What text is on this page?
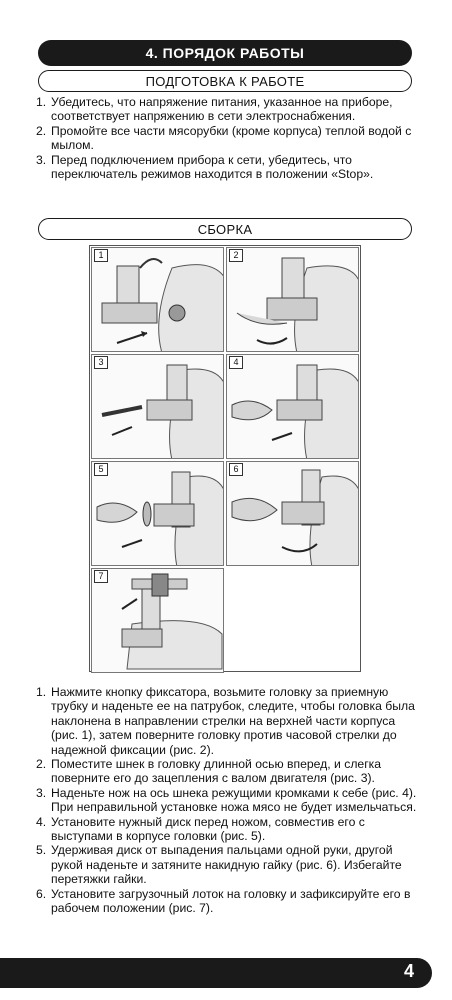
4. ПОРЯДОК РАБОТЫ
ПОДГОТОВКА К РАБОТЕ
1. Убедитесь, что напряжение питания, указанное на приборе, соответствует напряжению в сети электроснабжения.
2. Промойте все части мясорубки (кроме корпуса) теплой водой с мылом.
3. Перед подключением прибора к сети, убедитесь, что переключатель режимов находится в положении «Stop».
СБОРКА
1	2
3	4
5	6
7
1. Нажмите кнопку фиксатора, возьмите головку за приемную трубку и наденьте ее на патрубок, следите, чтобы головка была наклонена в направлении стрелки на верхней части корпуса (рис. 1), затем поверните головку против часовой стрелки до надежной фиксации (рис. 2).
2. Поместите шнек в головку длинной осью вперед, и слегка поверните его до зацепления с валом двигателя (рис. 3).
3. Наденьте нож на ось шнека режущими кромками к себе (рис. 4). При неправильной установке ножа мясо не будет измельчаться.
4. Установите нужный диск перед ножом, совместив его с выступами в корпусе головки (рис. 5).
5. Удерживая диск от выпадения пальцами одной руки, другой рукой наденьте и затяните накидную гайку (рис. 6). Избегайте перетяжки гайки.
6. Установите загрузочный лоток на головку и зафиксируйте его в рабочем положении (рис. 7).
4
